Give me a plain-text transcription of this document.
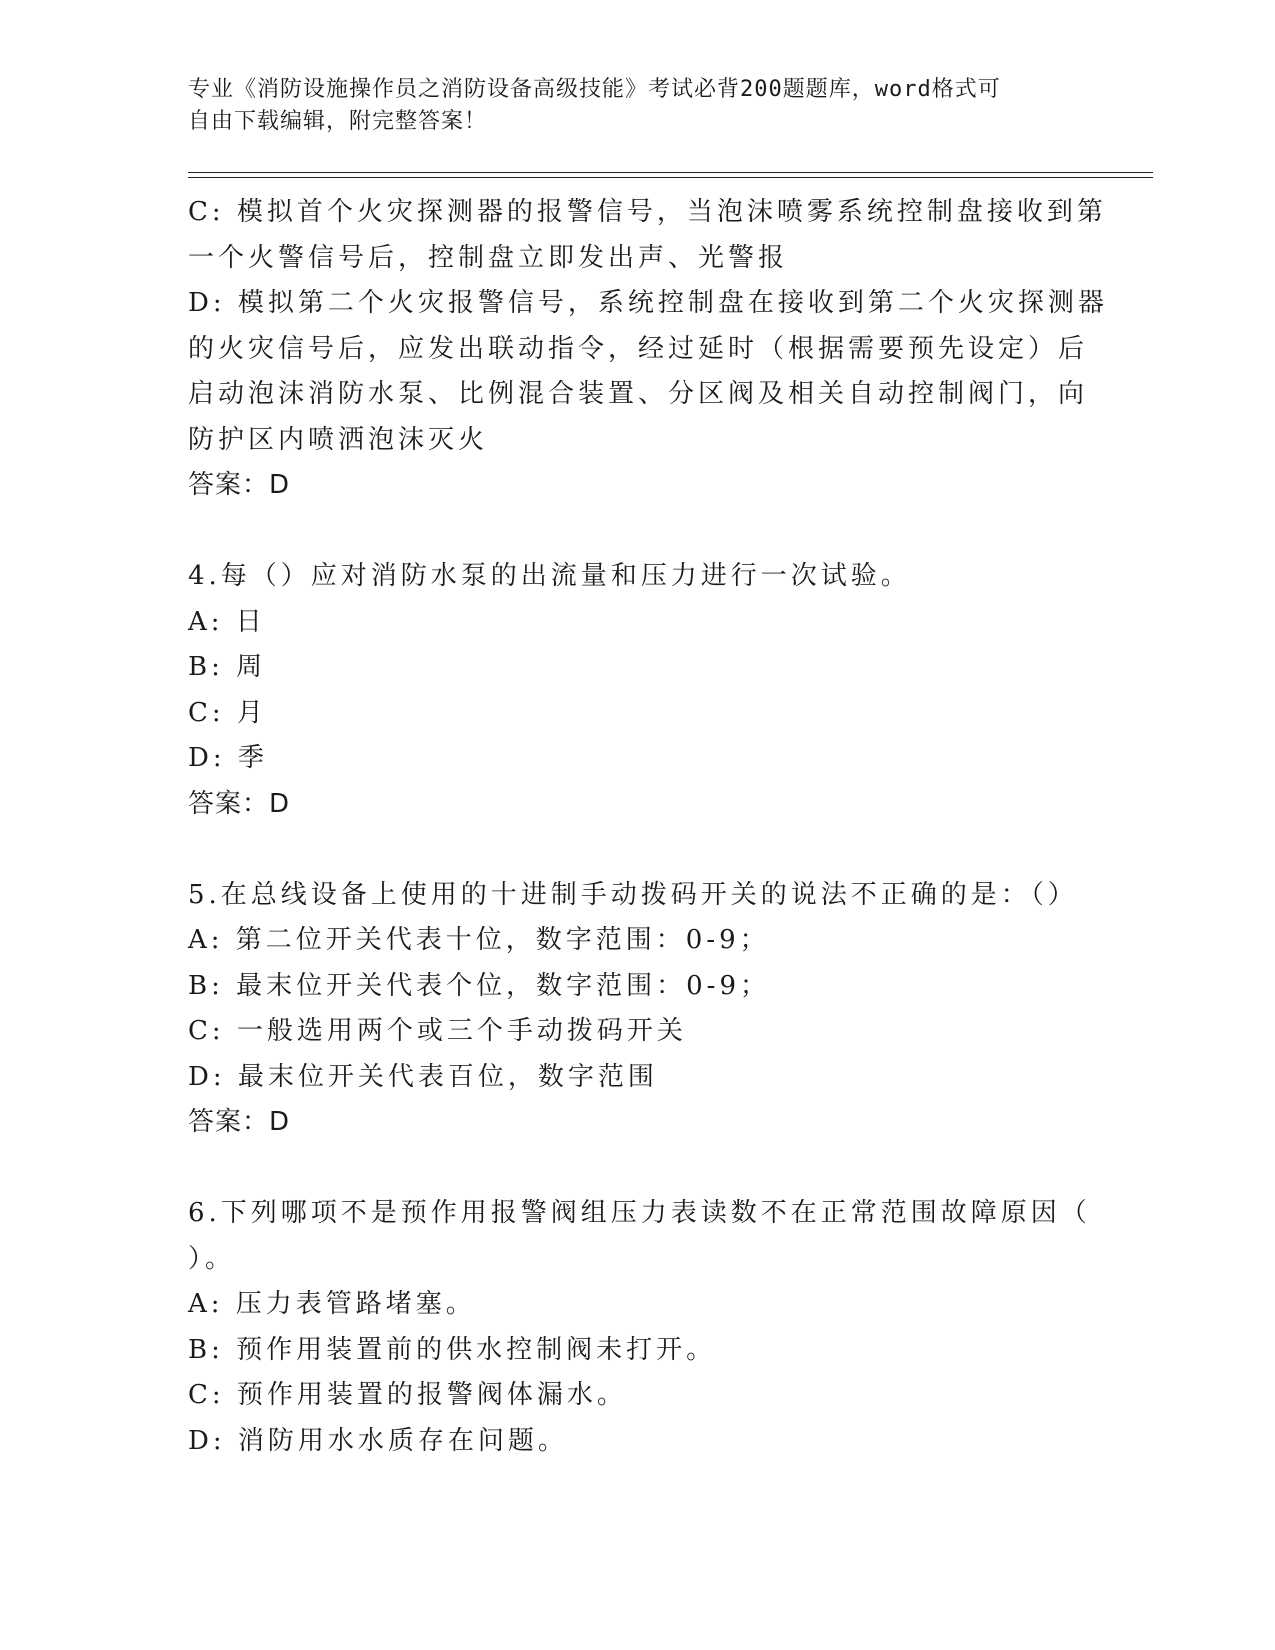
专业《消防设施操作员之消防设备高级技能》考试必背200题题库，word格式可
自由下载编辑，附完整答案！
C: 模拟首个火灾探测器的报警信号，当泡沫喷雾系统控制盘接收到第
一个火警信号后，控制盘立即发出声、光警报
D: 模拟第二个火灾报警信号，系统控制盘在接收到第二个火灾探测器
的火灾信号后，应发出联动指令，经过延时（根据需要预先设定）后
启动泡沫消防水泵、比例混合装置、分区阀及相关自动控制阀门，向
防护区内喷洒泡沫灭火
答案：D
4.每（）应对消防水泵的出流量和压力进行一次试验。
A: 日
B: 周
C: 月
D: 季
答案：D
5.在总线设备上使用的十进制手动拨码开关的说法不正确的是：（）
A: 第二位开关代表十位，数字范围：0-9；
B: 最末位开关代表个位，数字范围：0-9；
C: 一般选用两个或三个手动拨码开关
D: 最末位开关代表百位，数字范围
答案：D
6.下列哪项不是预作用报警阀组压力表读数不在正常范围故障原因（
）。
A: 压力表管路堵塞。
B: 预作用装置前的供水控制阀未打开。
C: 预作用装置的报警阀体漏水。
D: 消防用水水质存在问题。
